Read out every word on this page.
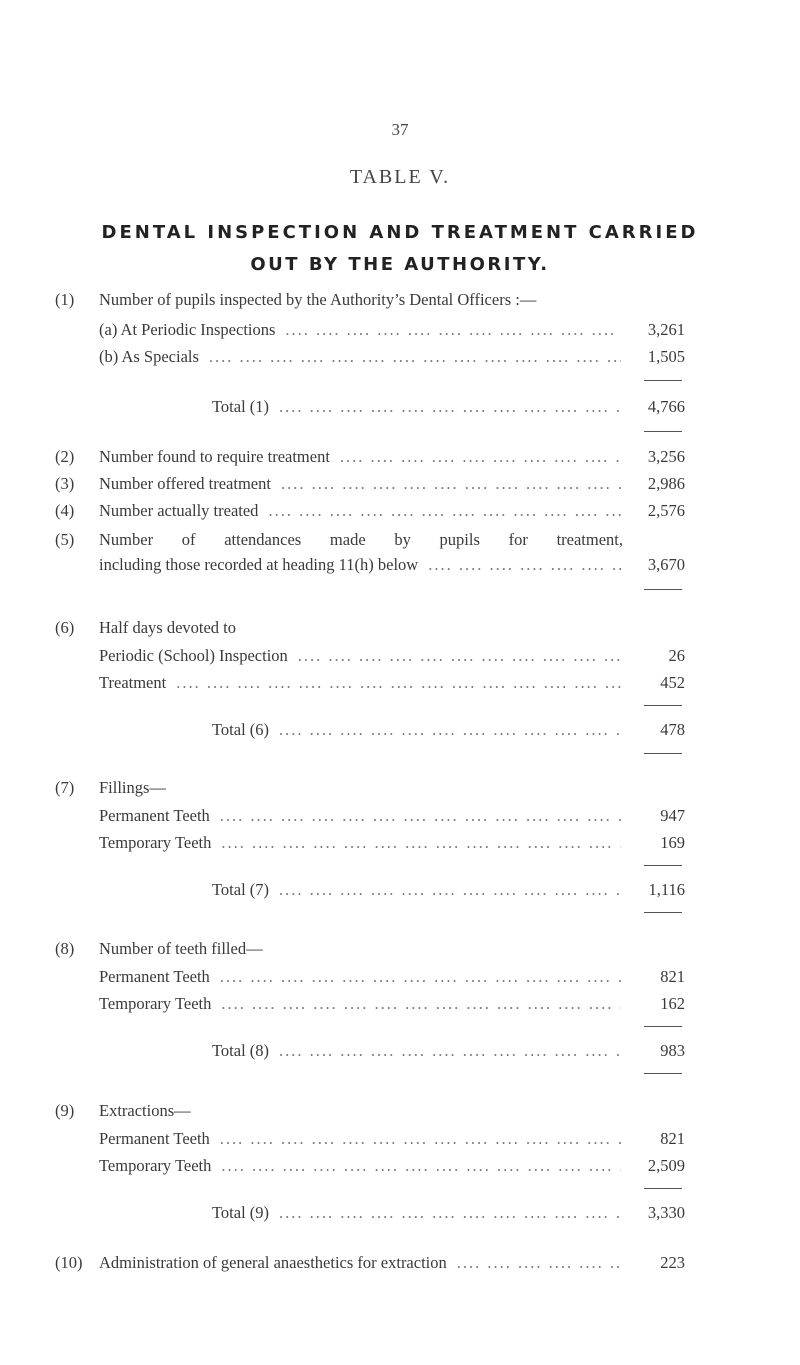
37
TABLE V.
DENTAL INSPECTION AND TREATMENT CARRIED
OUT BY THE AUTHORITY.
(1)	Number of pupils inspected by the Authority’s Dental Officers :—
(a) At Periodic Inspections ....	3,261
(b) As Specials ....	1,505
Total (1) ....	4,766
(2)	Number found to require treatment ....	3,256
(3)	Number offered treatment ....	2,986
(4)	Number actually treated ....	2,576
(5)	Number of attendances made by pupils for treatment,
including those recorded at heading 11(h) below ....	3,670
(6)	Half days devoted to
Periodic (School) Inspection ....	26
Treatment ....	452
Total (6) ....	478
(7)	Fillings—
Permanent Teeth ....	947
Temporary Teeth ....	169
Total (7) ....	1,116
(8)	Number of teeth filled—
Permanent Teeth ....	821
Temporary Teeth ....	162
Total (8) ....	983
(9)	Extractions—
Permanent Teeth ....	821
Temporary Teeth ....	2,509
Total (9) ....	3,330
(10)	Administration of general anaesthetics for extraction ....	223
